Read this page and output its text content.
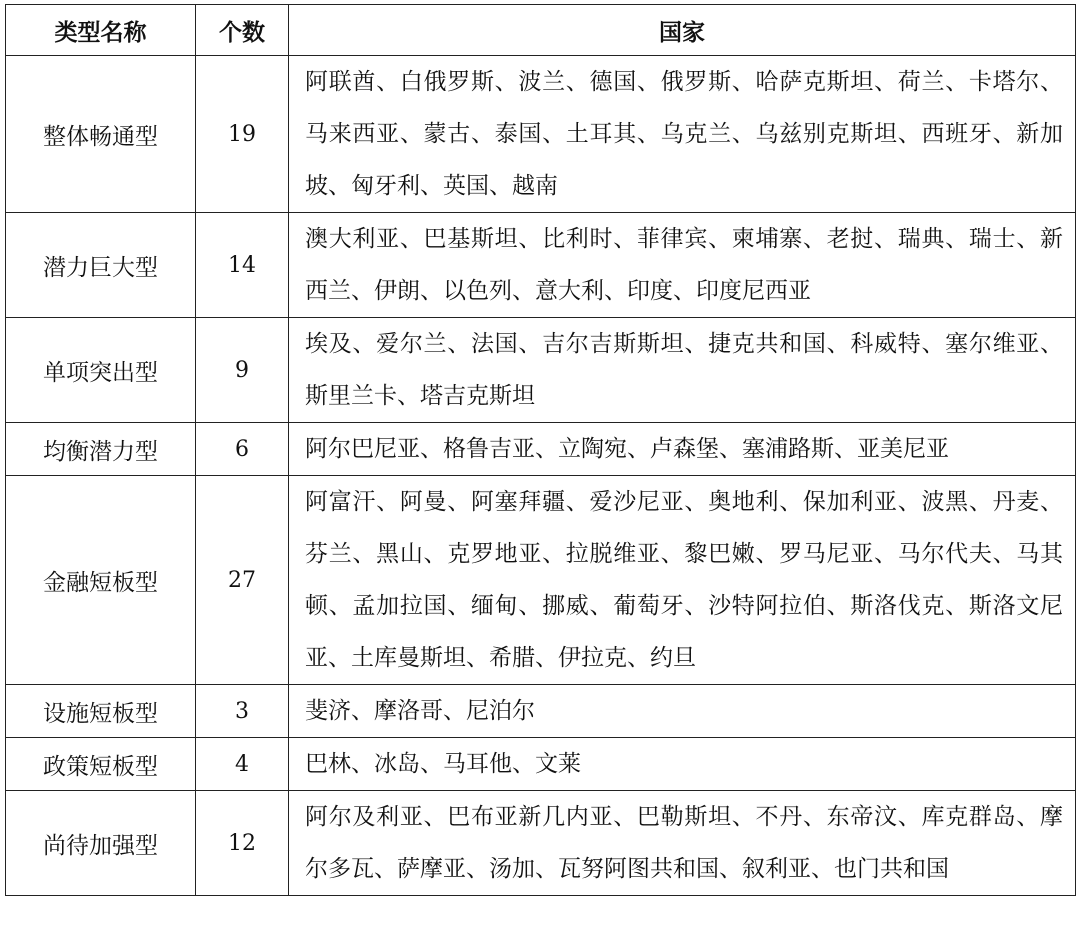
类型名称	个数	国家
整体畅通型	19	阿联酋、白俄罗斯、波兰、德国、俄罗斯、哈萨克斯坦、荷兰、卡塔尔、马来西亚、蒙古、泰国、土耳其、乌克兰、乌兹别克斯坦、西班牙、新加坡、匈牙利、英国、越南
潜力巨大型	14	澳大利亚、巴基斯坦、比利时、菲律宾、柬埔寨、老挝、瑞典、瑞士、新西兰、伊朗、以色列、意大利、印度、印度尼西亚
单项突出型	9	埃及、爱尔兰、法国、吉尔吉斯斯坦、捷克共和国、科威特、塞尔维亚、斯里兰卡、塔吉克斯坦
均衡潜力型	6	阿尔巴尼亚、格鲁吉亚、立陶宛、卢森堡、塞浦路斯、亚美尼亚
金融短板型	27	阿富汗、阿曼、阿塞拜疆、爱沙尼亚、奥地利、保加利亚、波黑、丹麦、芬兰、黑山、克罗地亚、拉脱维亚、黎巴嫩、罗马尼亚、马尔代夫、马其顿、孟加拉国、缅甸、挪威、葡萄牙、沙特阿拉伯、斯洛伐克、斯洛文尼亚、土库曼斯坦、希腊、伊拉克、约旦
设施短板型	3	斐济、摩洛哥、尼泊尔
政策短板型	4	巴林、冰岛、马耳他、文莱
尚待加强型	12	阿尔及利亚、巴布亚新几内亚、巴勒斯坦、不丹、东帝汶、库克群岛、摩尔多瓦、萨摩亚、汤加、瓦努阿图共和国、叙利亚、也门共和国
